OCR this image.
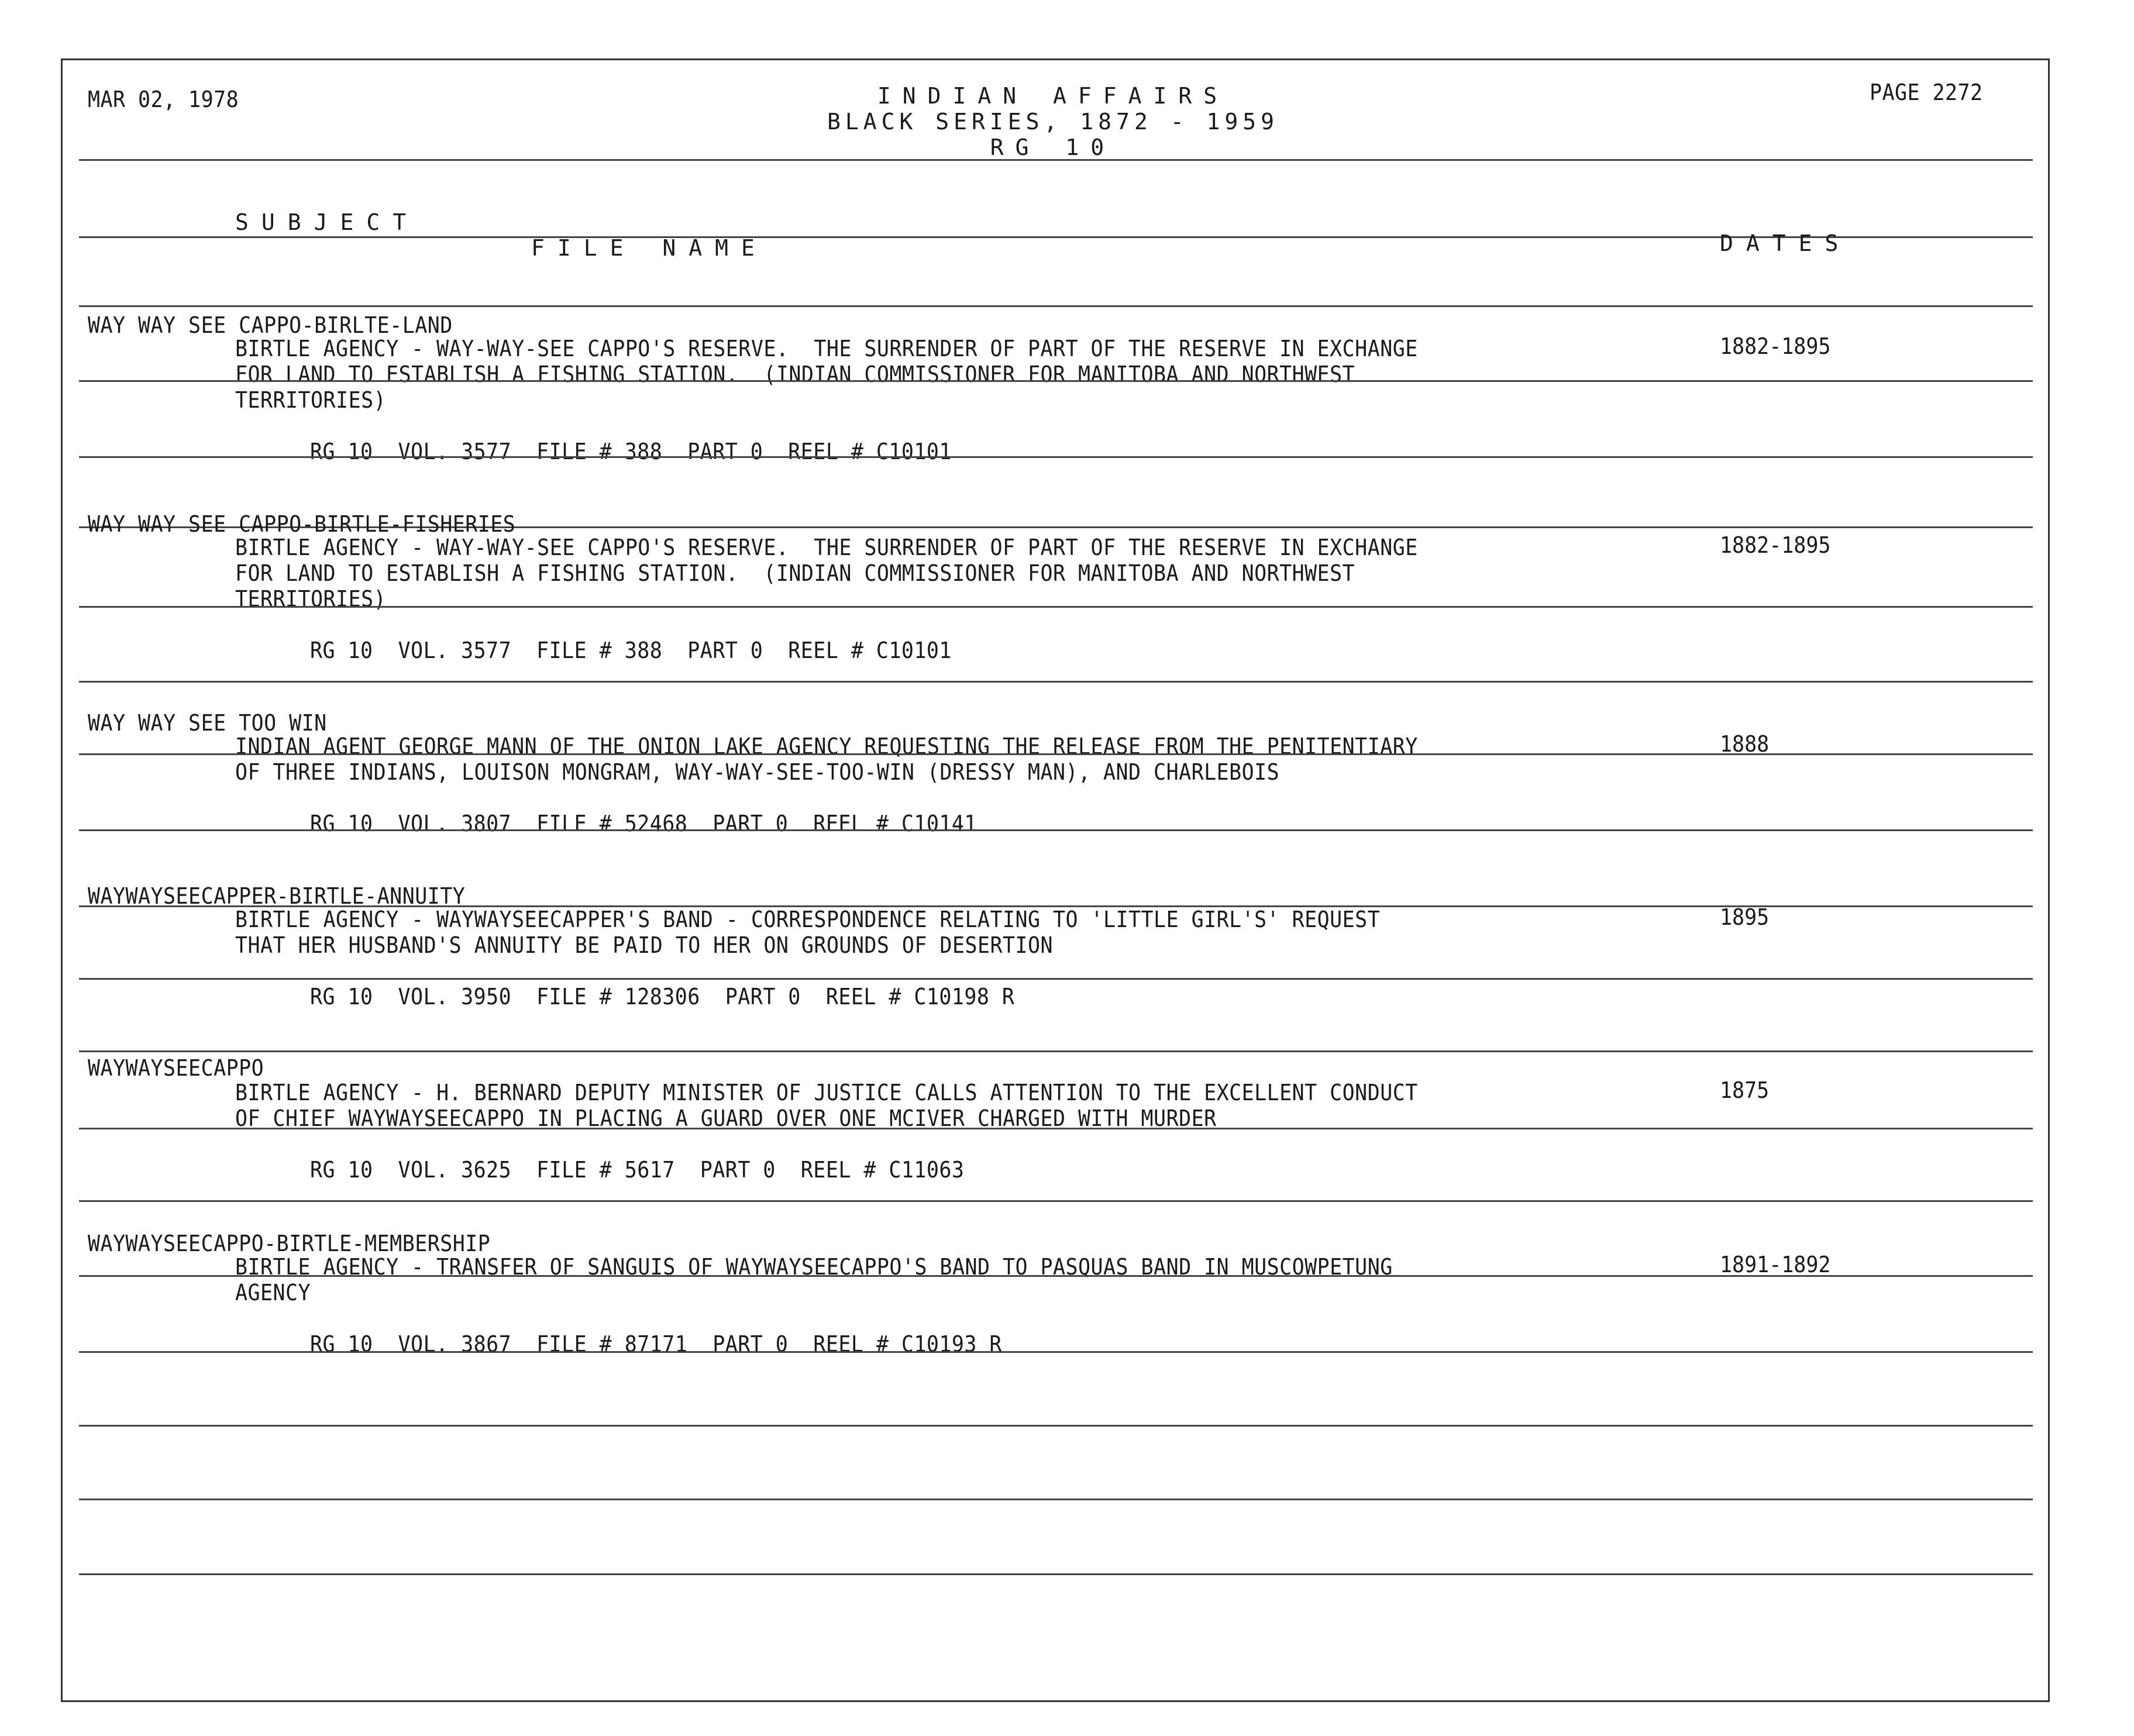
MAR 02, 1978	INDIAN AFFAIRS
BLACK SERIES, 1872 - 1959
RG 10
PAGE 2272
SUBJECT
FILE NAME	DATES
WAY WAY SEE CAPPO-BIRLTE-LAND
BIRTLE AGENCY - WAY-WAY-SEE CAPPO'S RESERVE.  THE SURRENDER OF PART OF THE RESERVE IN EXCHANGE	1882-1895
FOR LAND TO ESTABLISH A FISHING STATION.  (INDIAN COMMISSIONER FOR MANITOBA AND NORTHWEST
TERRITORIES)
RG 10  VOL. 3577  FILE # 388  PART 0  REEL # C10101
WAY WAY SEE CAPPO-BIRTLE-FISHERIES
BIRTLE AGENCY - WAY-WAY-SEE CAPPO'S RESERVE.  THE SURRENDER OF PART OF THE RESERVE IN EXCHANGE	1882-1895
FOR LAND TO ESTABLISH A FISHING STATION.  (INDIAN COMMISSIONER FOR MANITOBA AND NORTHWEST
TERRITORIES)
RG 10  VOL. 3577  FILE # 388  PART 0  REEL # C10101
WAY WAY SEE TOO WIN
INDIAN AGENT GEORGE MANN OF THE ONION LAKE AGENCY REQUESTING THE RELEASE FROM THE PENITENTIARY	1888
OF THREE INDIANS, LOUISON MONGRAM, WAY-WAY-SEE-TOO-WIN (DRESSY MAN), AND CHARLEBOIS
RG 10  VOL. 3807  FILE # 52468  PART 0  REEL # C10141
WAYWAYSEECAPPER-BIRTLE-ANNUITY
BIRTLE AGENCY - WAYWAYSEECAPPER'S BAND - CORRESPONDENCE RELATING TO 'LITTLE GIRL'S' REQUEST	1895
THAT HER HUSBAND'S ANNUITY BE PAID TO HER ON GROUNDS OF DESERTION
RG 10  VOL. 3950  FILE # 128306  PART 0  REEL # C10198 R
WAYWAYSEECAPPO
BIRTLE AGENCY - H. BERNARD DEPUTY MINISTER OF JUSTICE CALLS ATTENTION TO THE EXCELLENT CONDUCT	1875
OF CHIEF WAYWAYSEECAPPO IN PLACING A GUARD OVER ONE MCIVER CHARGED WITH MURDER
RG 10  VOL. 3625  FILE # 5617  PART 0  REEL # C11063
WAYWAYSEECAPPO-BIRTLE-MEMBERSHIP
BIRTLE AGENCY - TRANSFER OF SANGUIS OF WAYWAYSEECAPPO'S BAND TO PASQUAS BAND IN MUSCOWPETUNG	1891-1892
AGENCY
RG 10  VOL. 3867  FILE # 87171  PART 0  REEL # C10193 R
